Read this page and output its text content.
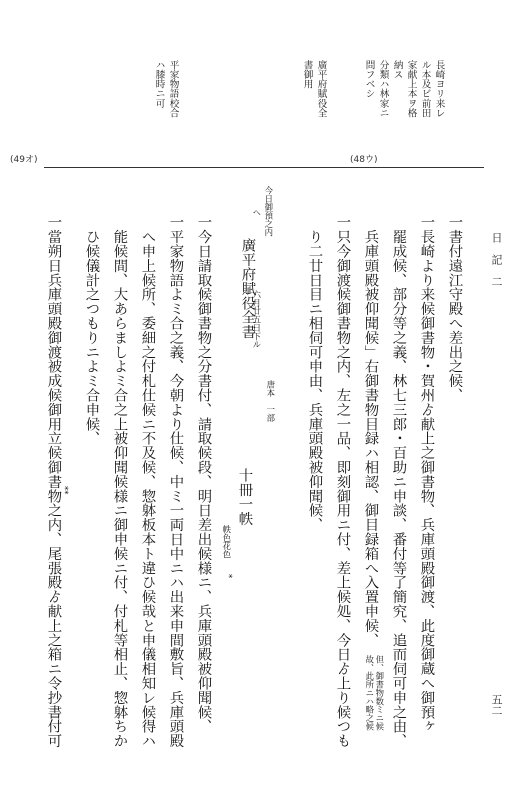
日　記　二
五二
長崎ヨリ来レ
ル本及ビ前田
家献上本ヲ格
納ス
分類ハ林家ニ
問フベシ
廣平府賦役全
書御用
平家物語校合
ハ膝時ニ可
(48ウ)
(49オ)
一書付遠江守殿へ差出之候、
一長崎より来候御書物・賀州ゟ献上之御書物、兵庫頭殿御渡、此度御蔵へ御預ヶ
　罷成候、部分等之義、林七三郎・百助ニ申談、番付等了簡究、追而伺可申之由、
　兵庫頭殿被仰聞候」右御書物目録ハ相認、御目録箱へ入置申候、
但、御書物数ミニ候
故、此所ニハ略之候
一只今御渡候御書物之内、左之一品、即刻御用ニ付、差上候処、今日ゟ上り候つも
　り二廿日目ニ相伺可申由、兵庫頭殿被仰聞候、
今日御預之内
へ
廣平府賦役全書
六月廿五日下ル
唐本　一部
十冊一帙
帙色花色
*
一今日請取候御書物之分書付、請取候段、明日差出候様ニ、兵庫頭殿被仰聞候、
一平家物語よミ合之義、今朝より仕候、中ミ一両日中ニハ出来申間敷旨、兵庫頭殿
　へ申上候所、委細之付札仕候ニ不及候、惣躰板本ト違ひ候哉と申儀相知レ候得ハ
　能候間、大あらましよミ合之上被仰聞候様ニ御申候ニ付、付札等相止、惣躰ちか
　ひ候儀計之つもりニよミ合申候、
**
一當朔日兵庫頭殿御渡被成候御用立候御書物之内、尾張殿ゟ献上之箱ニ令抄書付可
